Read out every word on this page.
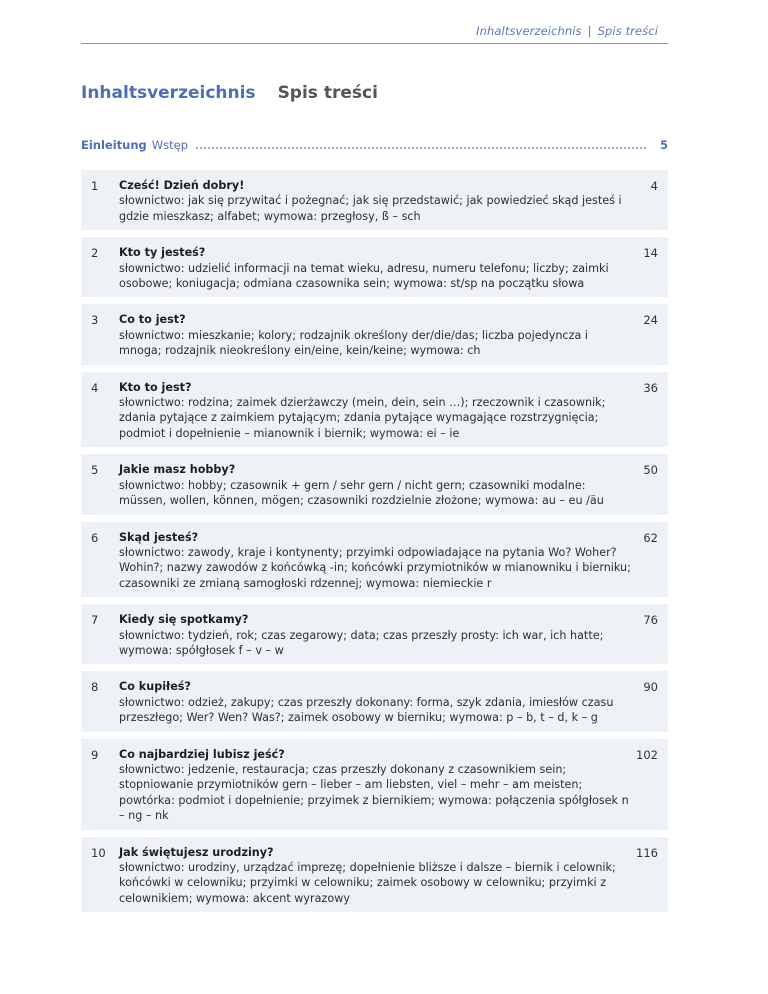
Inhaltsverzeichnis | Spis treści
Inhaltsverzeichnis Spis treści
Einleitung Wstęp	5
1 Cześć! Dzień dobry!
słownictwo: jak się przywitać i pożegnać; jak się przedstawić; jak powiedzieć skąd jesteś i gdzie mieszkasz; alfabet; wymowa: przegłosy, ß – sch
4
2 Kto ty jesteś?
słownictwo: udzielić informacji na temat wieku, adresu, numeru telefonu; liczby; zaimki osobowe; koniugacja; odmiana czasownika sein; wymowa: st/sp na początku słowa
14
3 Co to jest?
słownictwo: mieszkanie; kolory; rodzajnik określony der/die/das; liczba pojedyncza i mnoga; rodzajnik nieokreślony ein/eine, kein/keine; wymowa: ch
24
4 Kto to jest?
słownictwo: rodzina; zaimek dzierżawczy (mein, dein, sein …); rzeczownik i czasownik; zdania pytające z zaimkiem pytającym; zdania pytające wymagające rozstrzygnięcia; podmiot i dopełnienie – mianownik i biernik; wymowa: ei – ie
36
5 Jakie masz hobby?
słownictwo: hobby; czasownik + gern / sehr gern / nicht gern; czasowniki modalne: müssen, wollen, können, mögen; czasowniki rozdzielnie złożone; wymowa: au – eu /äu
50
6 Skąd jesteś?
słownictwo: zawody, kraje i kontynenty; przyimki odpowiadające na pytania Wo? Woher? Wohin?; nazwy zawodów z końcówką -in; końcówki przymiotników w mianowniku i bierniku; czasowniki ze zmianą samogłoski rdzennej; wymowa: niemieckie r
62
7 Kiedy się spotkamy?
słownictwo: tydzień, rok; czas zegarowy; data; czas przeszły prosty: ich war, ich hatte; wymowa: spółgłosek f – v – w
76
8 Co kupiłeś?
słownictwo: odzież, zakupy; czas przeszły dokonany: forma, szyk zdania, imiesłów czasu przeszłego; Wer? Wen? Was?; zaimek osobowy w bierniku; wymowa: p – b, t – d, k – g
90
9 Co najbardziej lubisz jeść?
słownictwo: jedzenie, restauracja; czas przeszły dokonany z czasownikiem sein; stopniowanie przymiotników gern – lieber – am liebsten, viel – mehr – am meisten; powtórka: podmiot i dopełnienie; przyimek z biernikiem; wymowa: połączenia spółgłosek n – ng – nk
102
10 Jak świętujesz urodziny?
słownictwo: urodziny, urządzać imprezę; dopełnienie bliższe i dalsze – biernik i celownik; końcówki w celowniku; przyimki w celowniku; zaimek osobowy w celowniku; przyimki z celownikiem; wymowa: akcent wyrazowy
116
